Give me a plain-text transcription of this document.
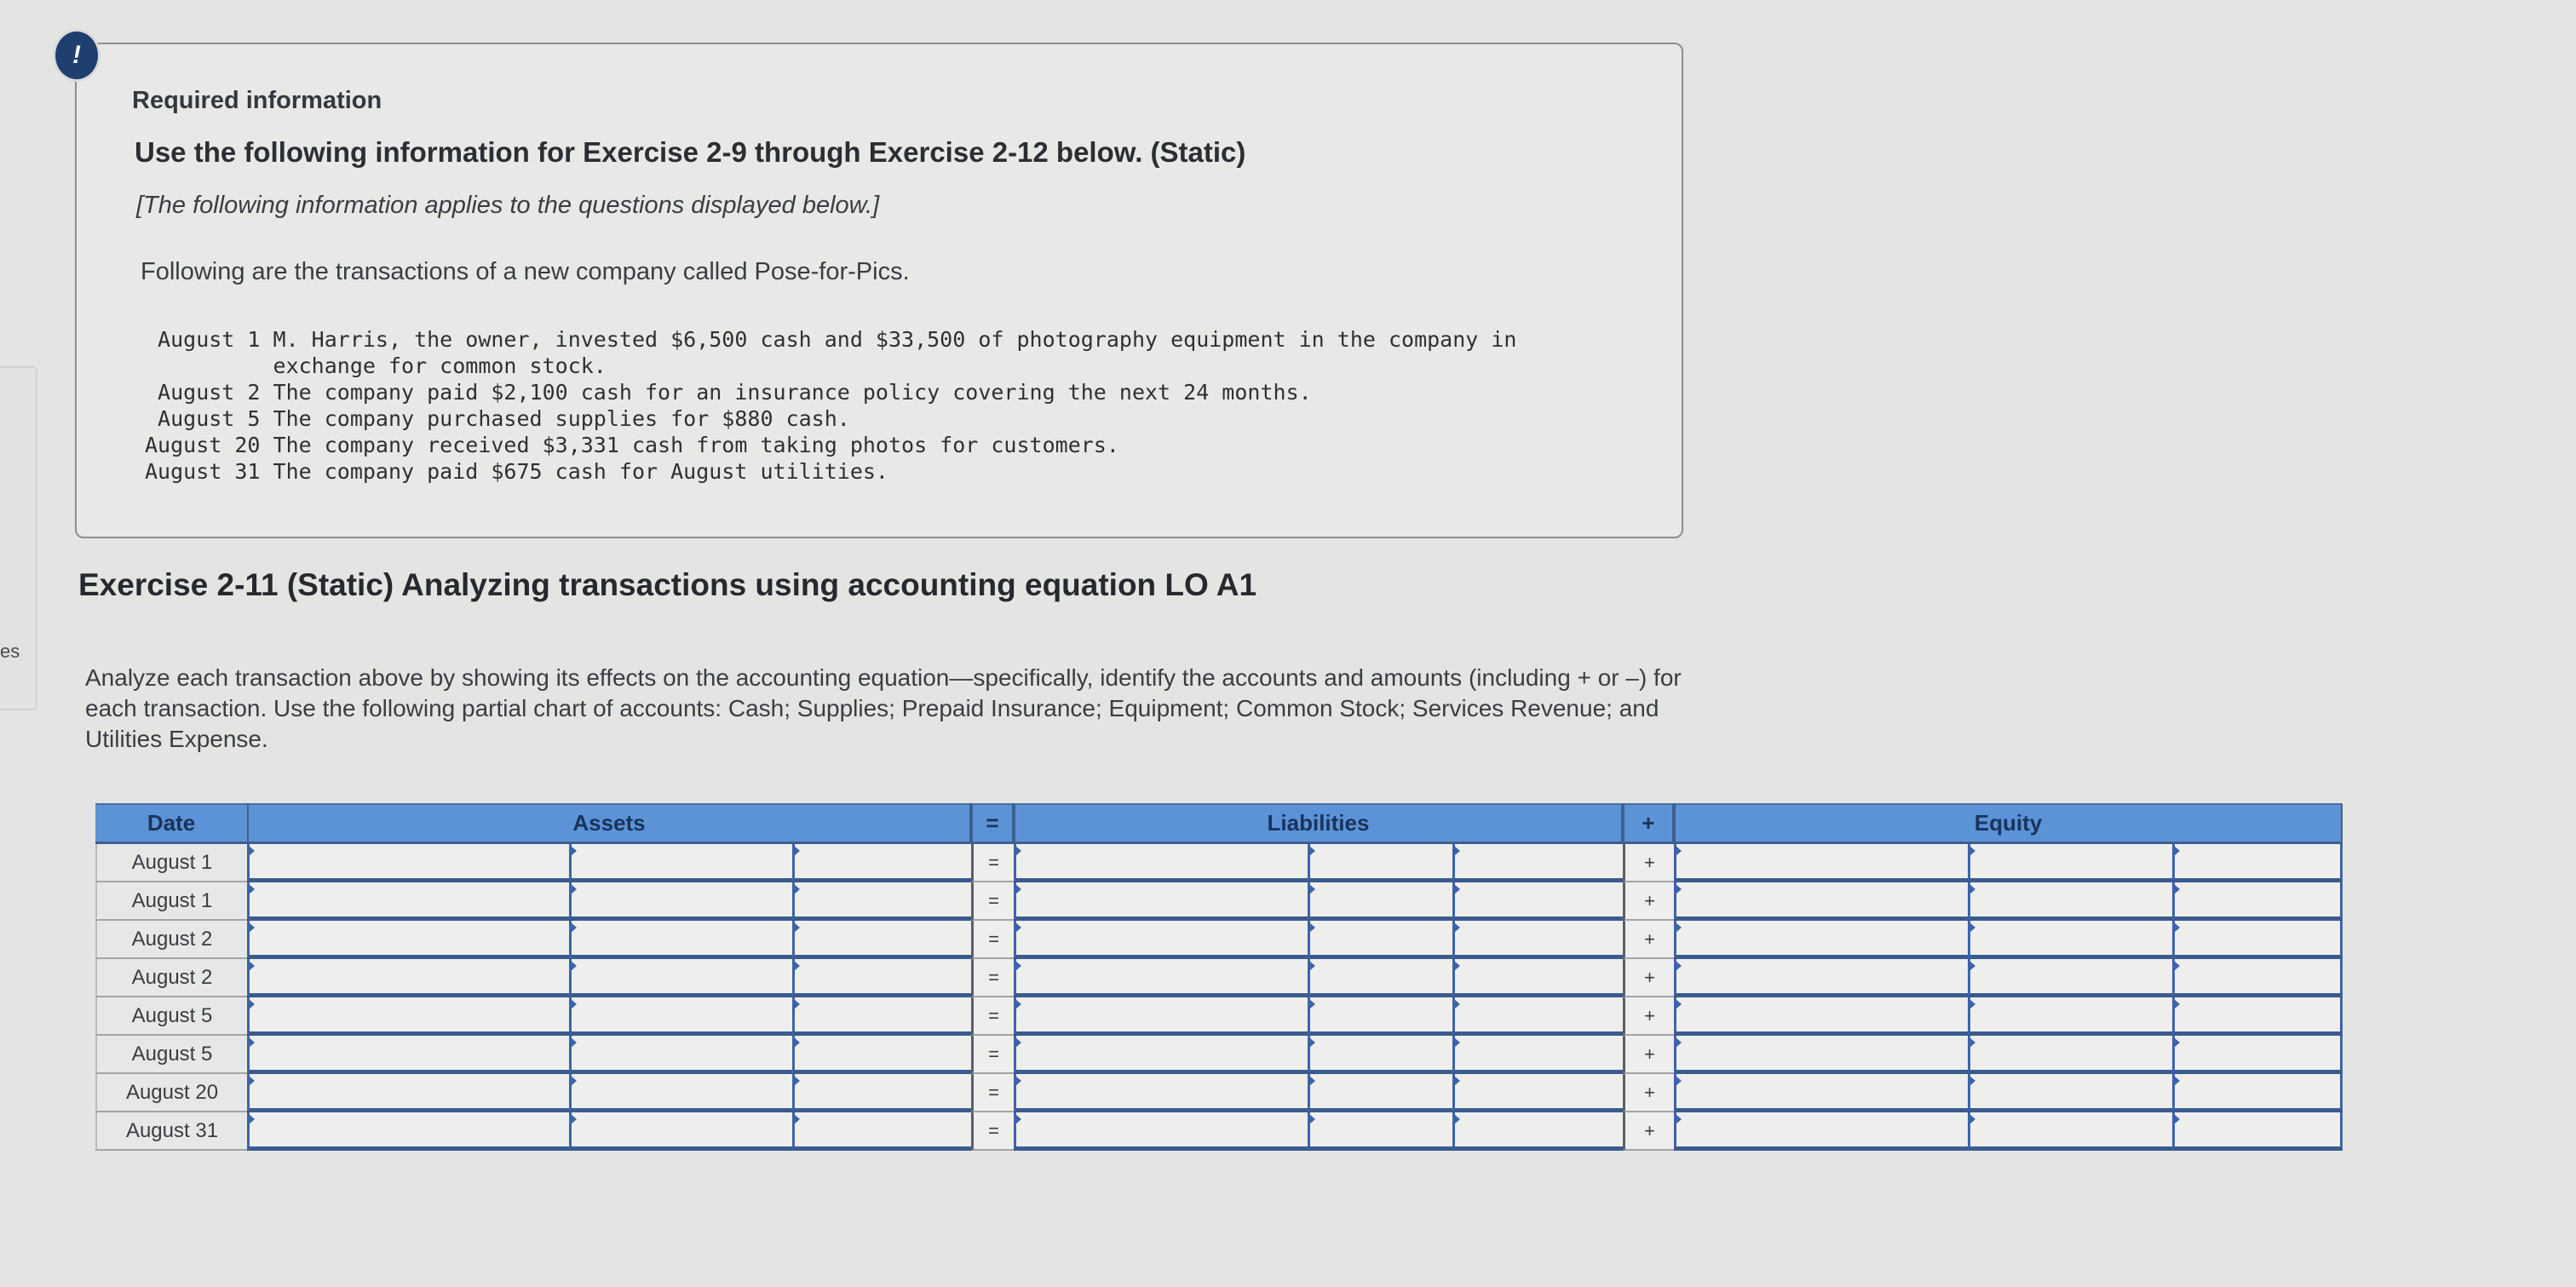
es
!
Required information
Use the following information for Exercise 2-9 through Exercise 2-12 below. (Static)
[The following information applies to the questions displayed below.]
Following are the transactions of a new company called Pose-for-Pics.
August 1 M. Harris, the owner, invested $6,500 cash and $33,500 of photography equipment in the company in
exchange for common stock.
August 2 The company paid $2,100 cash for an insurance policy covering the next 24 months.
August 5 The company purchased supplies for $880 cash.
August 20 The company received $3,331 cash from taking photos for customers.
August 31 The company paid $675 cash for August utilities.
Exercise 2-11 (Static) Analyzing transactions using accounting equation LO A1
Analyze each transaction above by showing its effects on the accounting equation—specifically, identify the accounts and amounts (including + or –) for each transaction. Use the following partial chart of accounts: Cash; Supplies; Prepaid Insurance; Equipment; Common Stock; Services Revenue; and Utilities Expense.
Date	Assets	=	Liabilities	+	Equity
August 1	=	+
August 1	=	+
August 2	=	+
August 2	=	+
August 5	=	+
August 5	=	+
August 20	=	+
August 31	=	+
